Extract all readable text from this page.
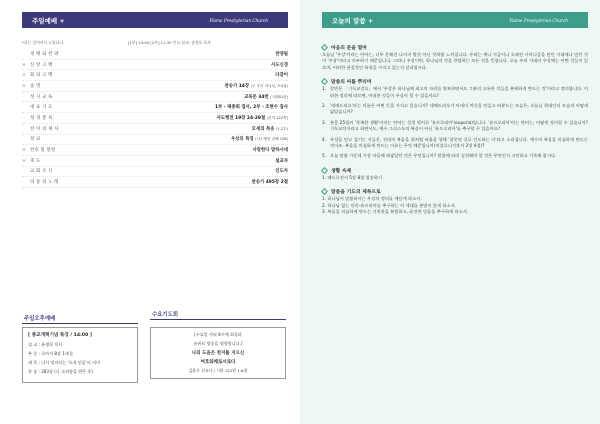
주일예배 +	Flame Presbyterian Church
*표는 일어서서 드립니다.	[1부] 10:00 [2부] 11:30 인도:설교: 장현표 목사
경 배 와 찬 양	찬양팀
＊ 신 앙 고 백	사도신경
＊ 회 의 고 백	다같이
＊ 송 영	찬송가 14장 (주 우리 하나님, 3·4절)
성 시 교 독	교독문 34번 (시편81편)
대 표 기 도	1부 - 제종희 집사, 2부 - 조현수 집사
성 경 봉 독	사도행전 19장 24-29절 (신약 222쪽)
찬 미 의 제 사	모세의 특송 (1,2부)
설 교	우상의 특징 (사도행전 강해 128)
＊ 찬송 및 봉헌	사랑한다 말하시네
＊ 축 도	설교자
교 회 소 식	인도자
파 송 의 노 래	찬송가 495장 2절
주일오후예배
[ 종교개혁기념 특강 / 14:00 ]
설 교 : 윤생헌 목사
본 문 : 로마서 8장 1-4절
제 목 : 다시 정의되는 '오직 믿음'의 의미
찬 송 : 283장 (나 속죄함을 받은 후)
수요기도회
[수요일 저녁 8시에 회집과
유튜브 방송을 병행합니다.]
나의 도움은 천지를 지으신
여호와께로서로다
김윤우 선교사 / 시편 121편 1-8절
오늘의 말씀 +	Flame Presbyterian Church
마음의 문을 열며
오늘날 '우상'이라는 단어는, 너무 흔해진 나머지 별것 아닌 것처럼 느껴집니다. 우리는 예나 지금이나 오래전 사마니즘을 믿던 시대에나 믿던 것이 '우상'이라고 치부하기 때문입니다. 그러나 우상이란, 하나님의 것을 찬탈하는 모든 것을 뜻합니다. 오늘 우리 시대의 우상에는 어떤 것들이 있으며, 어떠한 본질적인 특징을 가지고 있는지 살펴봅시다.
말씀의 씨를 뿌리며
1. 칼빈은 「기독교강요」에서 '우상은 하나님께 최고의 자리를 양보하면서도 그분의 고유한 것들을 분배하게 만드는 것'이라고 정의합니다. 이러한 정의에 따르면, 어떠한 것들이 우상이 될 수 있을까요?
2. '데메드리오'라는 이름은 어떤 뜻을 가지고 있습니까? 데메드리오가 아데미 여신을 만들고 따분드는 모습은, 오늘날 현대인의 모습과 어떻게 닮았습니까?
3. 본문 25절의 '풍족한 생활'이라는 단어는 성경 원어로 '유프로리아'(euporia)입니다. '유프로리아'라는 단어는, 어떻게 정의할 수 있습니까? 기독교인이라고 하면서도, 예수 그리스도의 복음이 아닌 '유프로리아'를 추구할 수 있을까요?
4. 우상을 믿고 섬기는 자들은, 진리의 복음을 위처럼 바울을 향해 '잘못된 길로 인도하는 자'라고 소리칩니다. 예수의 복음을 의심하게 만드는 것이죠. 복음을 의심하게 만드는 이유는 무엇 때문입니까(마살로니가후서 2장 4절)?
5. 오늘 말씀 가운데 가장 마음에 와닿았던 것은 무엇입니까? 말씀에 따라 실천해야 할 것은 무엇인지 고민하고 기록해 봅시다.
생활 숙제
1. 베드로전서 5장 8절 암송하기
말씀을 기도의 제목으로
1. 하나님이 말씀하시는 우상의 정의를 깨닫게 하소서.
2. 하나님 없는 안목-유프리아를 추구하는 이 세대를 본받지 않게 하소서.
3. 복음을 의심하게 만드는 가치관을 분별하고, 굳건한 믿음을 추구하게 하소서.
